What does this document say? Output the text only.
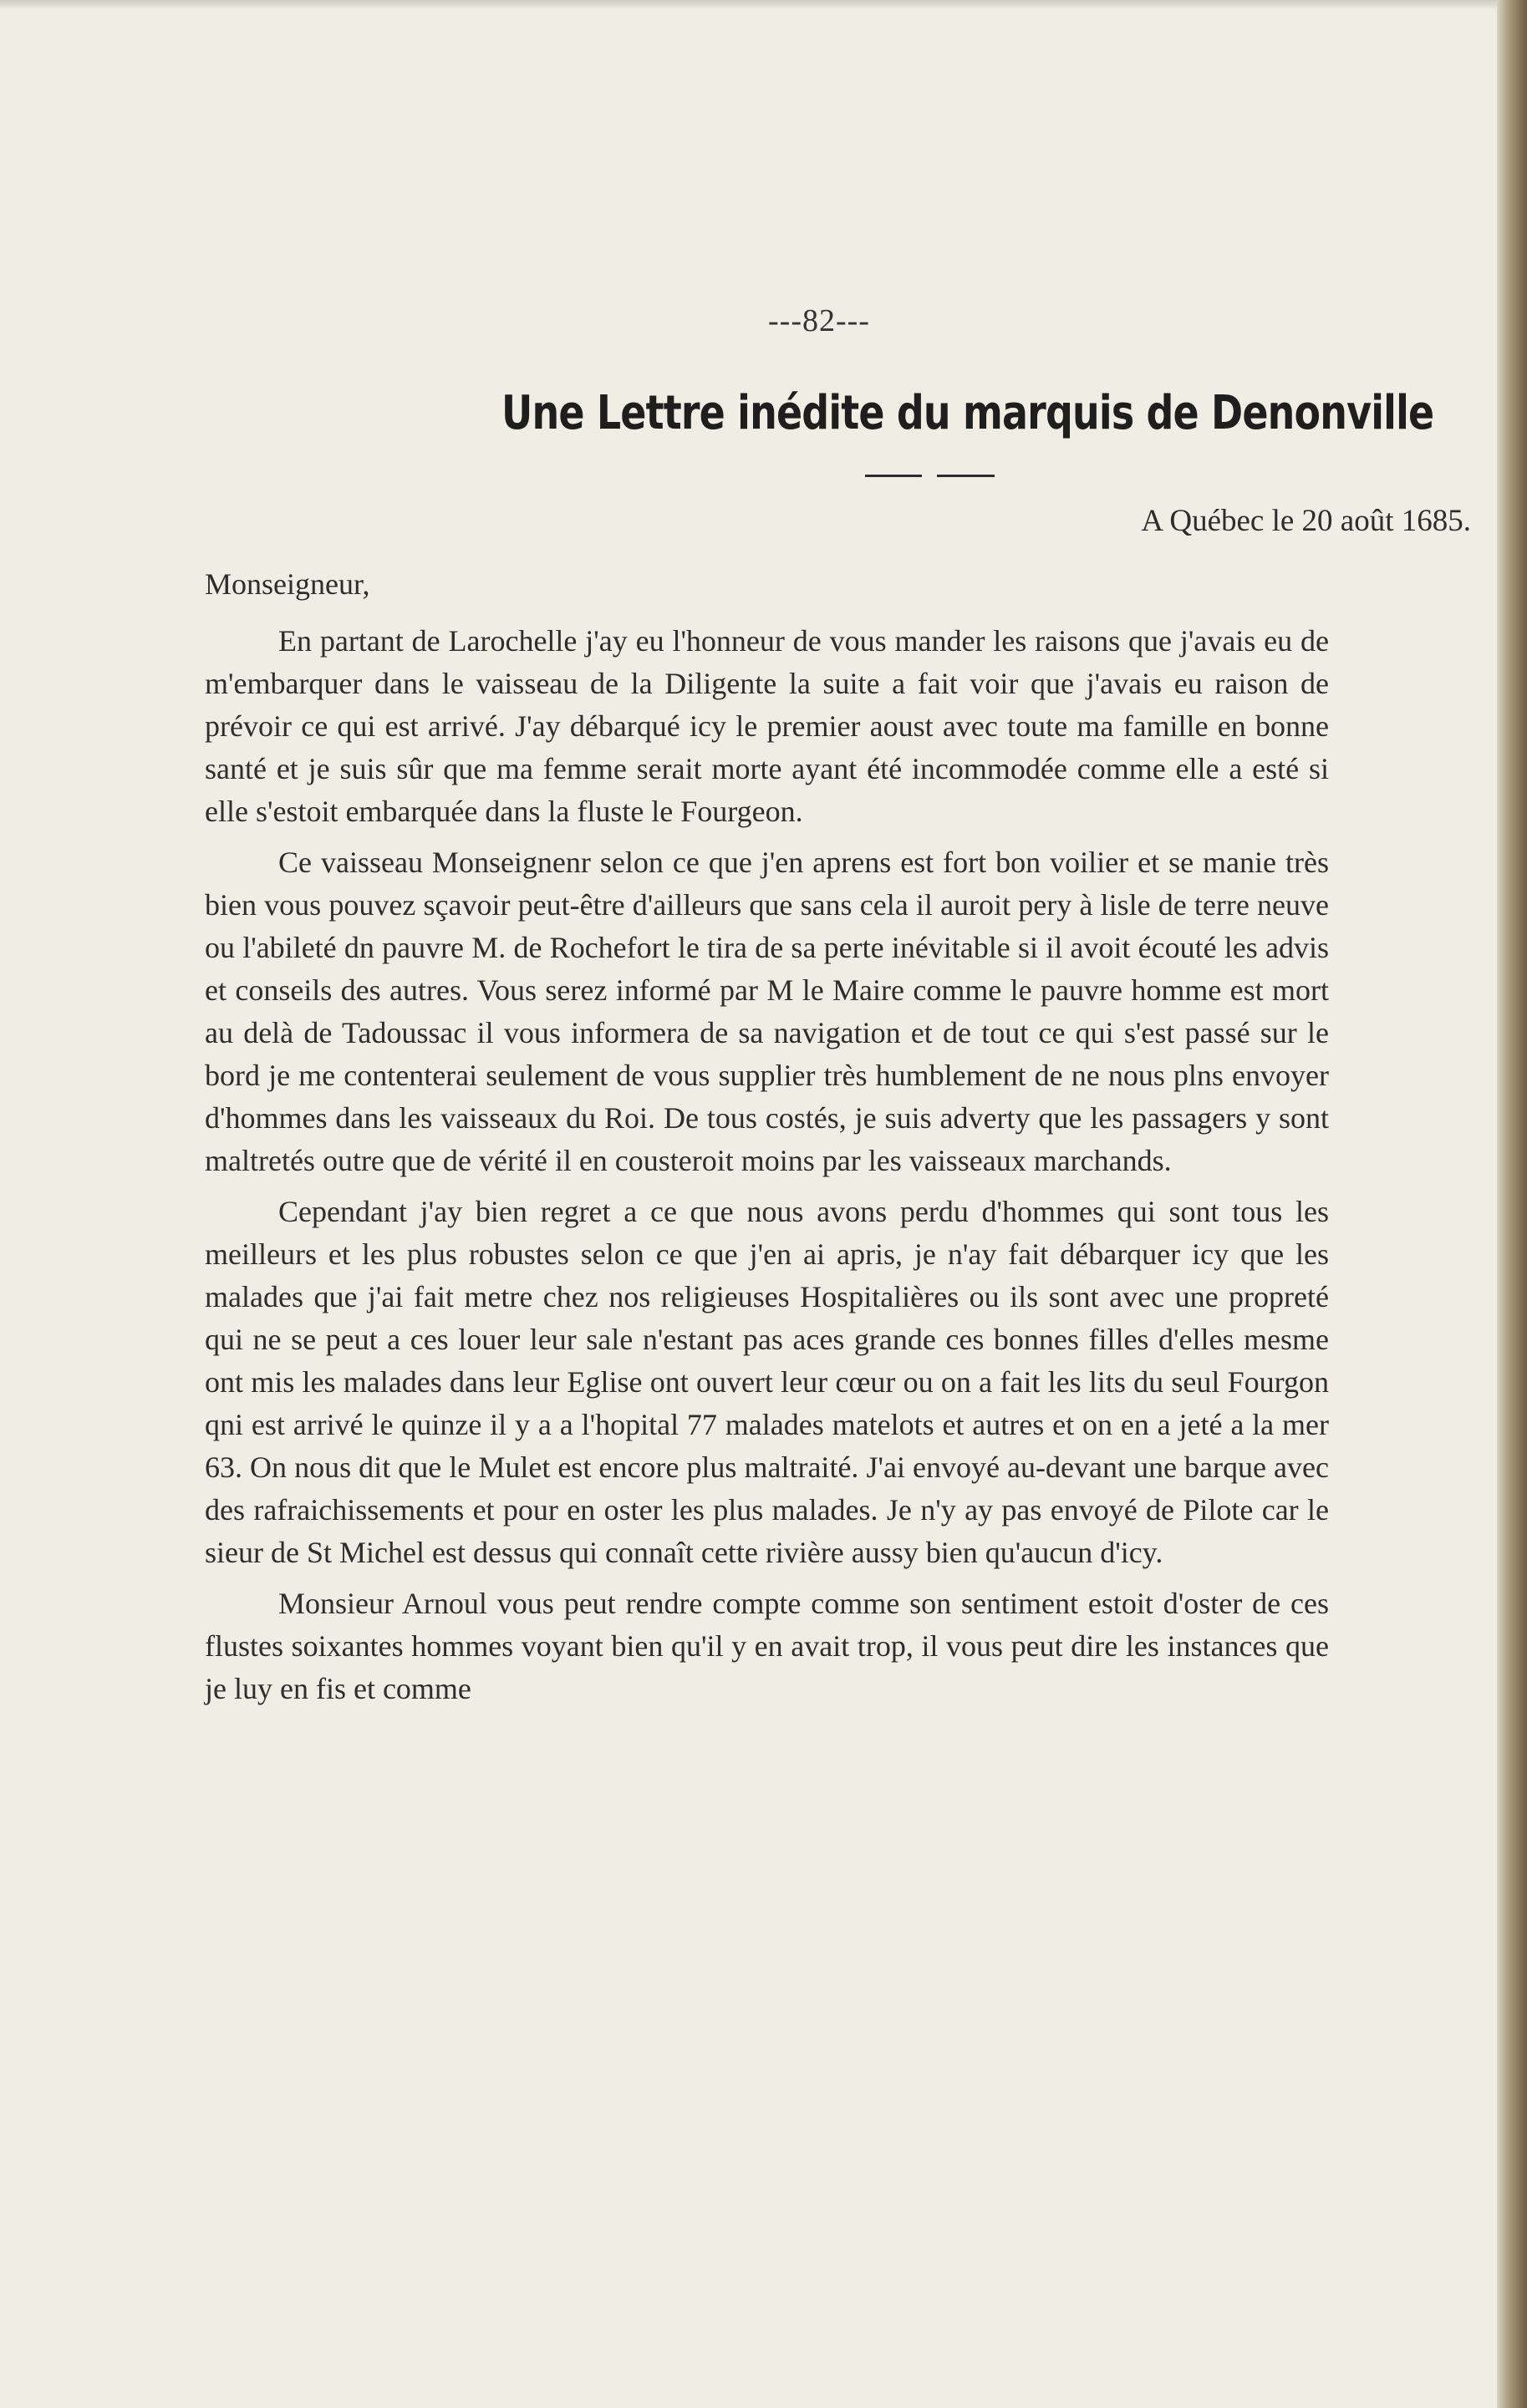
---82---
Une Lettre inédite du marquis de Denonville
A Québec le 20 août 1685.
Monseigneur,

En partant de Larochelle j'ay eu l'honneur de vous mander les raisons que j'avais eu de m'embarquer dans le vaisseau de la Diligente la suite a fait voir que j'avais eu raison de prévoir ce qui est arrivé. J'ay débarqué icy le premier aoust avec toute ma famille en bonne santé et je suis sûr que ma femme serait morte ayant été incommodée comme elle a esté si elle s'estoit embarquée dans la fluste le Fourgeon.

Ce vaisseau Monseignenr selon ce que j'en aprens est fort bon voilier et se manie très bien vous pouvez sçavoir peut-être d'ailleurs que sans cela il auroit pery à lisle de terre neuve ou l'abileté dn pauvre M. de Rochefort le tira de sa perte inévitable si il avoit écouté les advis et conseils des autres. Vous serez informé par M le Maire comme le pauvre homme est mort au delà de Tadoussac il vous informera de sa navigation et de tout ce qui s'est passé sur le bord je me contenterai seulement de vous supplier très humblement de ne nous plns envoyer d'hommes dans les vaisseaux du Roi. De tous costés, je suis adverty que les passagers y sont maltretés outre que de vérité il en cousteroit moins par les vaisseaux marchands.

Cependant j'ay bien regret a ce que nous avons perdu d'hommes qui sont tous les meilleurs et les plus robustes selon ce que j'en ai apris, je n'ay fait débarquer icy que les malades que j'ai fait metre chez nos religieuses Hospitalières ou ils sont avec une propreté qui ne se peut a ces louer leur sale n'estant pas aces grande ces bonnes filles d'elles mesme ont mis les malades dans leur Eglise ont ouvert leur cœur ou on a fait les lits du seul Fourgon qni est arrivé le quinze il y a a l'hopital 77 malades matelots et autres et on en a jeté a la mer 63. On nous dit que le Mulet est encore plus maltraité. J'ai envoyé au-devant une barque avec des rafraichissements et pour en oster les plus malades. Je n'y ay pas envoyé de Pilote car le sieur de St Michel est dessus qui connaît cette rivière aussy bien qu'aucun d'icy.

Monsieur Arnoul vous peut rendre compte comme son sentiment estoit d'oster de ces flustes soixantes hommes voyant bien qu'il y en avait trop, il vous peut dire les instances que je luy en fis et comme
